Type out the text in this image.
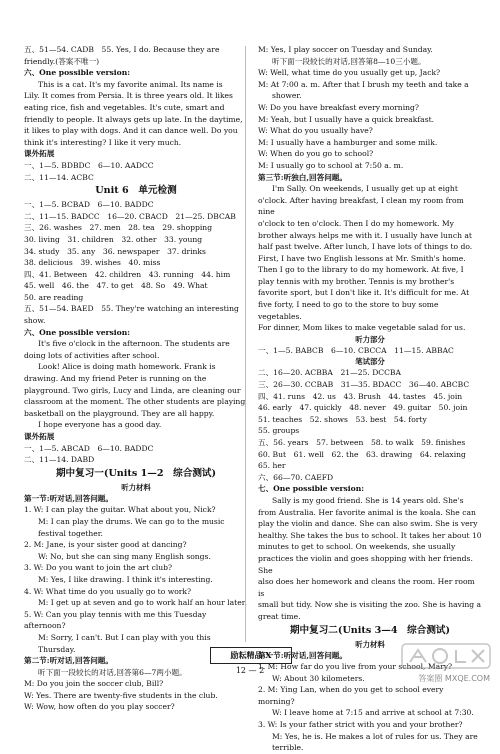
五、51—54. CADB　55. Yes, I do. Because they are
friendly.(答案不唯一)
六、One possible version:
This is a cat. It's my favorite animal. Its name is
Lily. It comes from Persia. It is three years old. It likes
eating rice, fish and vegetables. It's cute, smart and
friendly to people. It always gets up late. In the daytime,
it likes to play with dogs. And it can dance well. Do you
think it's interesting? I like it very much.
课外拓展
一、1—5. BDBDC　6—10. AADCC
二、11—14. ACBC
Unit 6　单元检测
一、1—5. BCBAD　6—10. BADDC
二、11—15. BADCC　16—20. CBACD　21—25. DBCAB
三、26. washes　27. men　28. tea　29. shopping
30. living　31. children　32. other　33. young
34. study　35. any　36. newspaper　37. drinks
38. delicious　39. wishes　40. miss
四、41. Between　42. children　43. running　44. him
45. well　46. the　47. to get　48. So　49. What
50. are reading
五、51—54. BAED　55. They're watching an interesting
show.
六、One possible version:
It's five o'clock in the afternoon. The students are
doing lots of activities after school.
Look! Alice is doing math homework. Frank is
drawing. And my friend Peter is running on the
playground. Two girls, Lucy and Linda, are cleaning our
classroom at the moment. The other students are playing
basketball on the playground. They are all happy.
I hope everyone has a good day.
课外拓展
一、1—5. ABCAD　6—10. BADDC
二、11—14. DABD
期中复习一(Units 1—2　综合测试)
听力材料
第一节:听对话,回答问题。
1. W: I can play the guitar. What about you, Nick?
M: I can play the drums. We can go to the music
festival together.
2. M: Jane, is your sister good at dancing?
W: No, but she can sing many English songs.
3. W: Do you want to join the art club?
M: Yes, I like drawing. I think it's interesting.
4. W: What time do you usually go to work?
M: I get up at seven and go to work half an hour later.
5. W: Can you play tennis with me this Tuesday afternoon?
M: Sorry, I can't. But I can play with you this Thursday.
第二节:听对话,回答问题。
听下面一段较长的对话,回答第6—7两小题。
M: Do you join the soccer club, Bill?
W: Yes. There are twenty-five students in the club.
W: Wow, how often do you play soccer?
M: Yes, I play soccer on Tuesday and Sunday.
听下面一段较长的对话,回答第8—10三小题。
W: Well, what time do you usually get up, Jack?
M: At 7:00 a. m. After that I brush my teeth and take a
shower.
W: Do you have breakfast every morning?
M: Yeah, but I usually have a quick breakfast.
W: What do you usually have?
M: I usually have a hamburger and some milk.
W: When do you go to school?
M: I usually go to school at 7:50 a. m.
第三节:听独白,回答问题。
I'm Sally. On weekends, I usually get up at eight
o'clock. After having breakfast, I clean my room from nine
o'clock to ten o'clock. Then I do my homework. My
brother always helps me with it. I usually have lunch at
half past twelve. After lunch, I have lots of things to do.
First, I have two English lessons at Mr. Smith's home.
Then I go to the library to do my homework. At five, I
play tennis with my brother. Tennis is my brother's
favorite sport, but I don't like it. It's difficult for me. At
five forty, I need to go to the store to buy some vegetables.
For dinner, Mom likes to make vegetable salad for us.
听力部分
一、1—5. BABCB　6—10. CBCCA　11—15. ABBAC
笔试部分
二、16—20. ACBBA　21—25. DCCBA
三、26—30. CCBAB　31—35. BDACC　36—40. ABCBC
四、41. runs　42. us　43. Brush　44. tastes　45. join
46. early　47. quickly　48. never　49. guitar　50. join
51. teaches　52. shows　53. best　54. forty
55. groups
五、56. years　57. between　58. to walk　59. finishes
60. But　61. well　62. the　63. drawing　64. relaxing
65. her
六、66—70. CAEFD
七、One possible version:
Sally is my good friend. She is 14 years old. She's
from Australia. Her favorite animal is the koala. She can
play the violin and dance. She can also swim. She is very
healthy. She takes the bus to school. It takes her about 10
minutes to get to school. On weekends, she usually
practices the violin and goes shopping with her friends. She
also does her homework and cleans the room. Her room is
small but tidy. Now she is visiting the zoo. She is having a
great time.
期中复习二(Units 3—4　综合测试)
听力材料
第一节:听对话,回答问题。
1. M: How far do you live from your school, Mary?
W: About 30 kilometers.
2. M: Ying Lan, when do you get to school every morning?
W: I leave home at 7:15 and arrive at school at 7:30.
3. W: Is your father strict with you and your brother?
M: Yes, he is. He makes a lot of rules for us. They are
terrible.
励耘精品·X
12 — 2
答案圈 MXQE.COM
